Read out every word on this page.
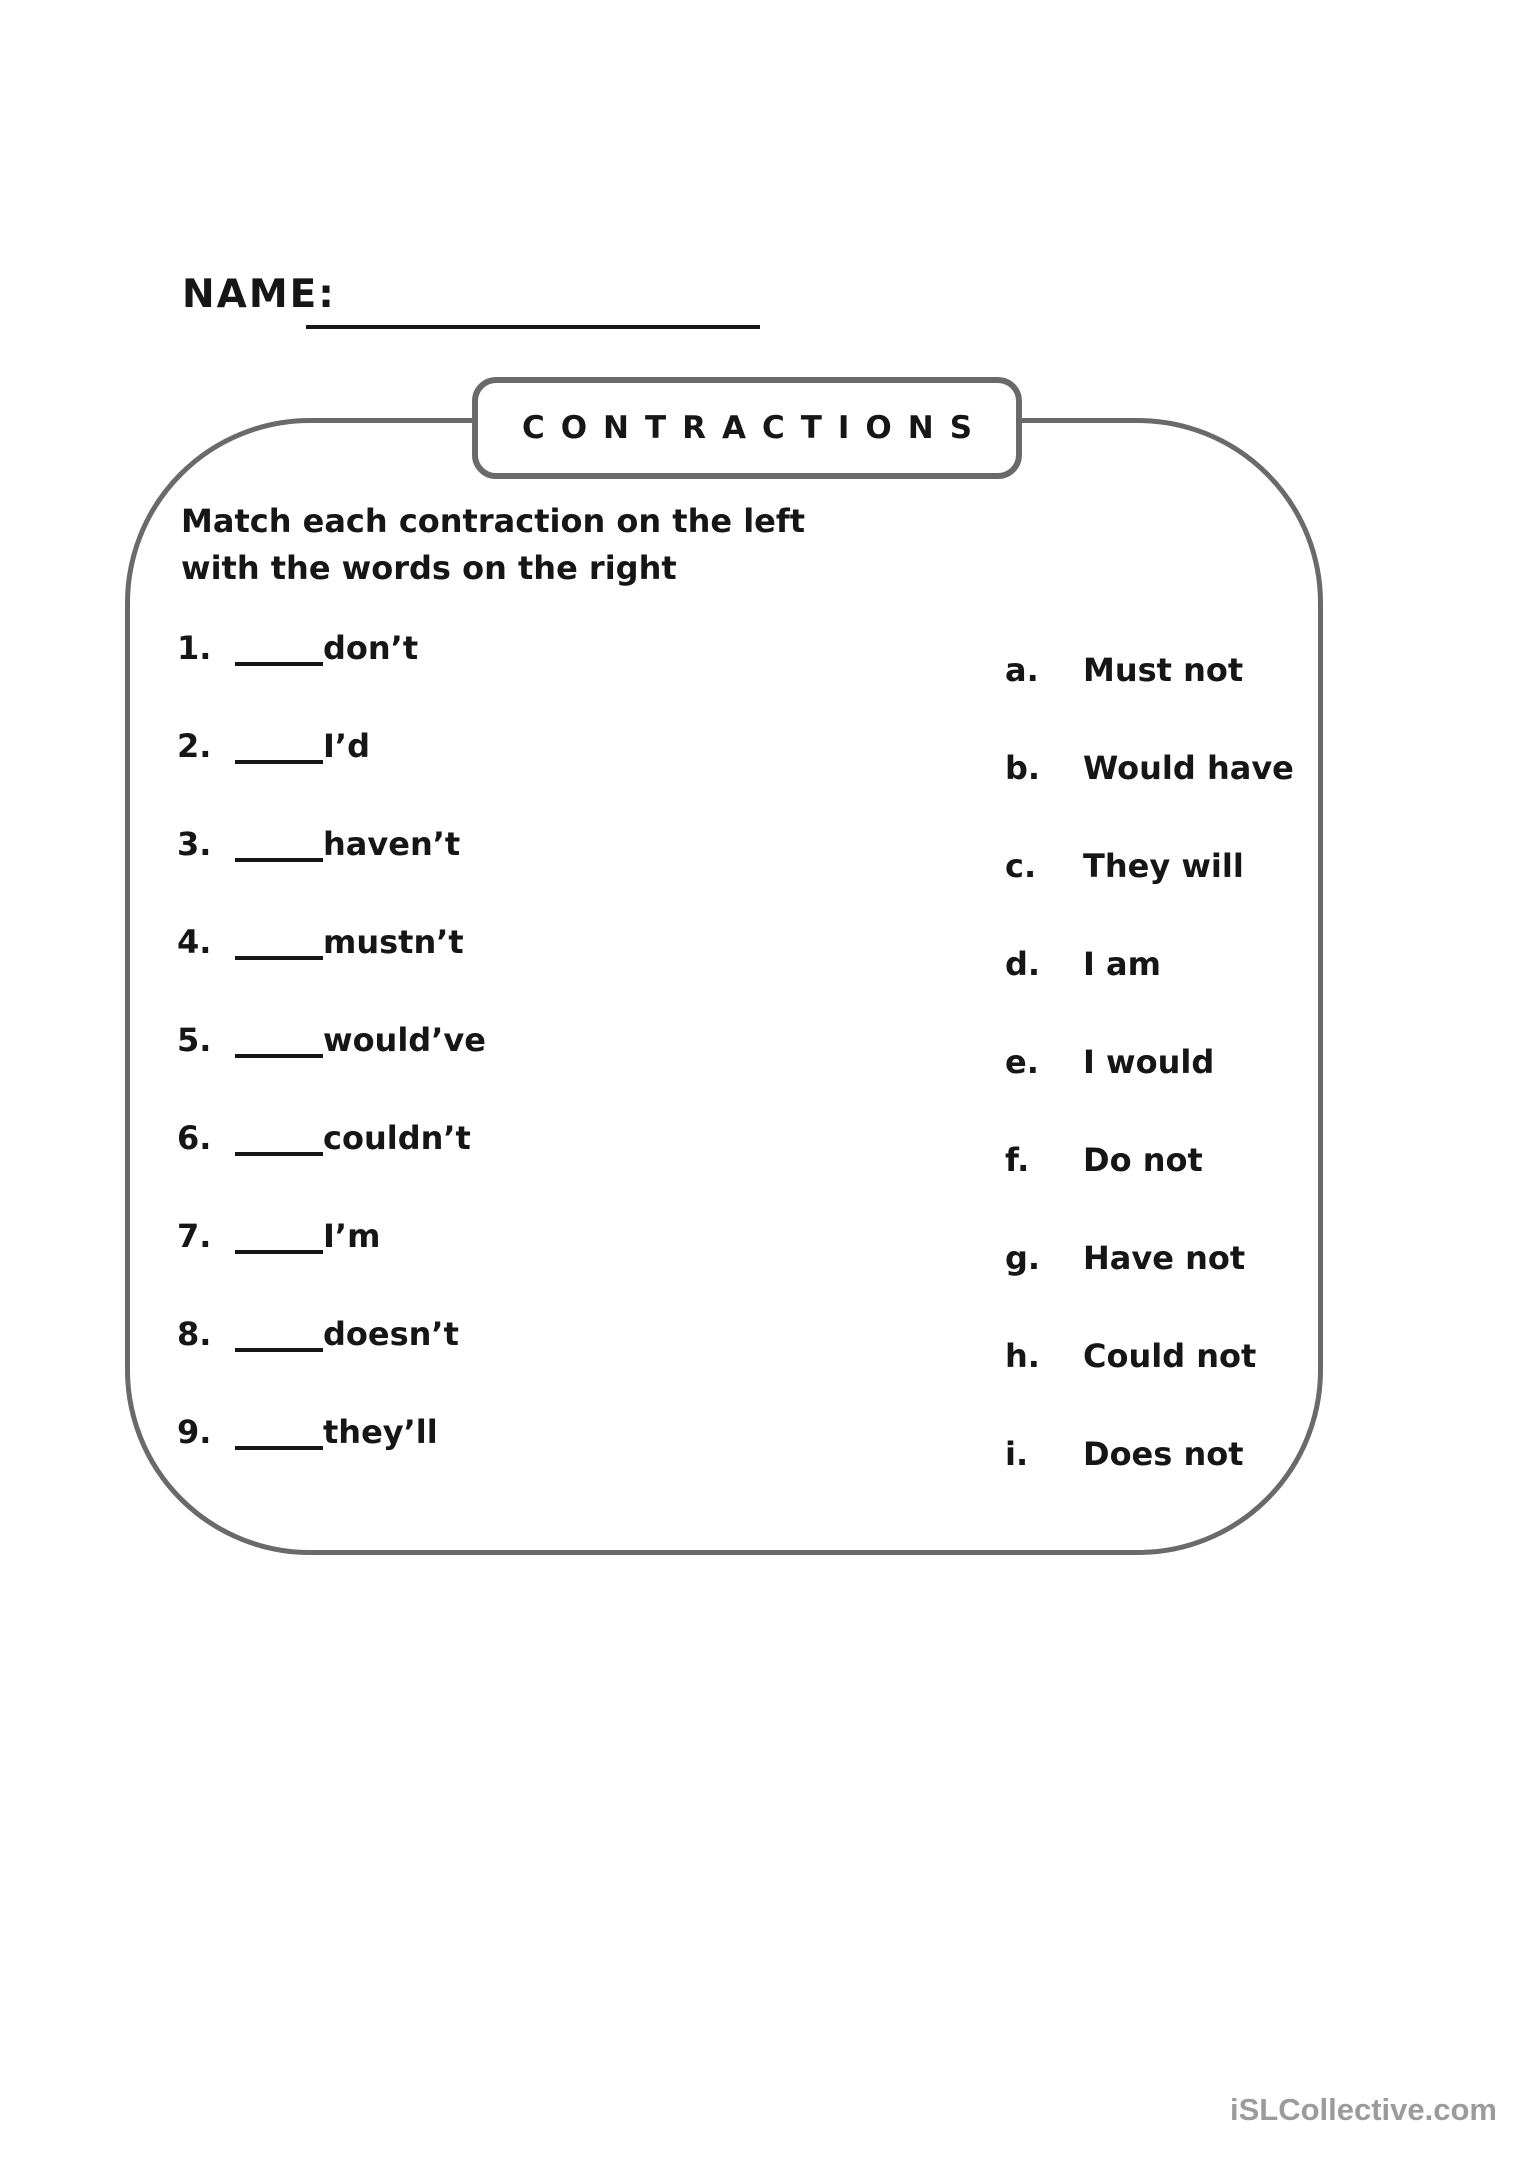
NAME:
CONTRACTIONS
Match each contraction on the left
with the words on the right
1.	don’t
2.	I’d
3.	haven’t
4.	mustn’t
5.	would’ve
6.	couldn’t
7.	I’m
8.	doesn’t
9.	they’ll
a. Must not
b. Would have
c. They will
d. I am
e. I would
f. Do not
g. Have not
h. Could not
i. Does not
iSLCollective.com
